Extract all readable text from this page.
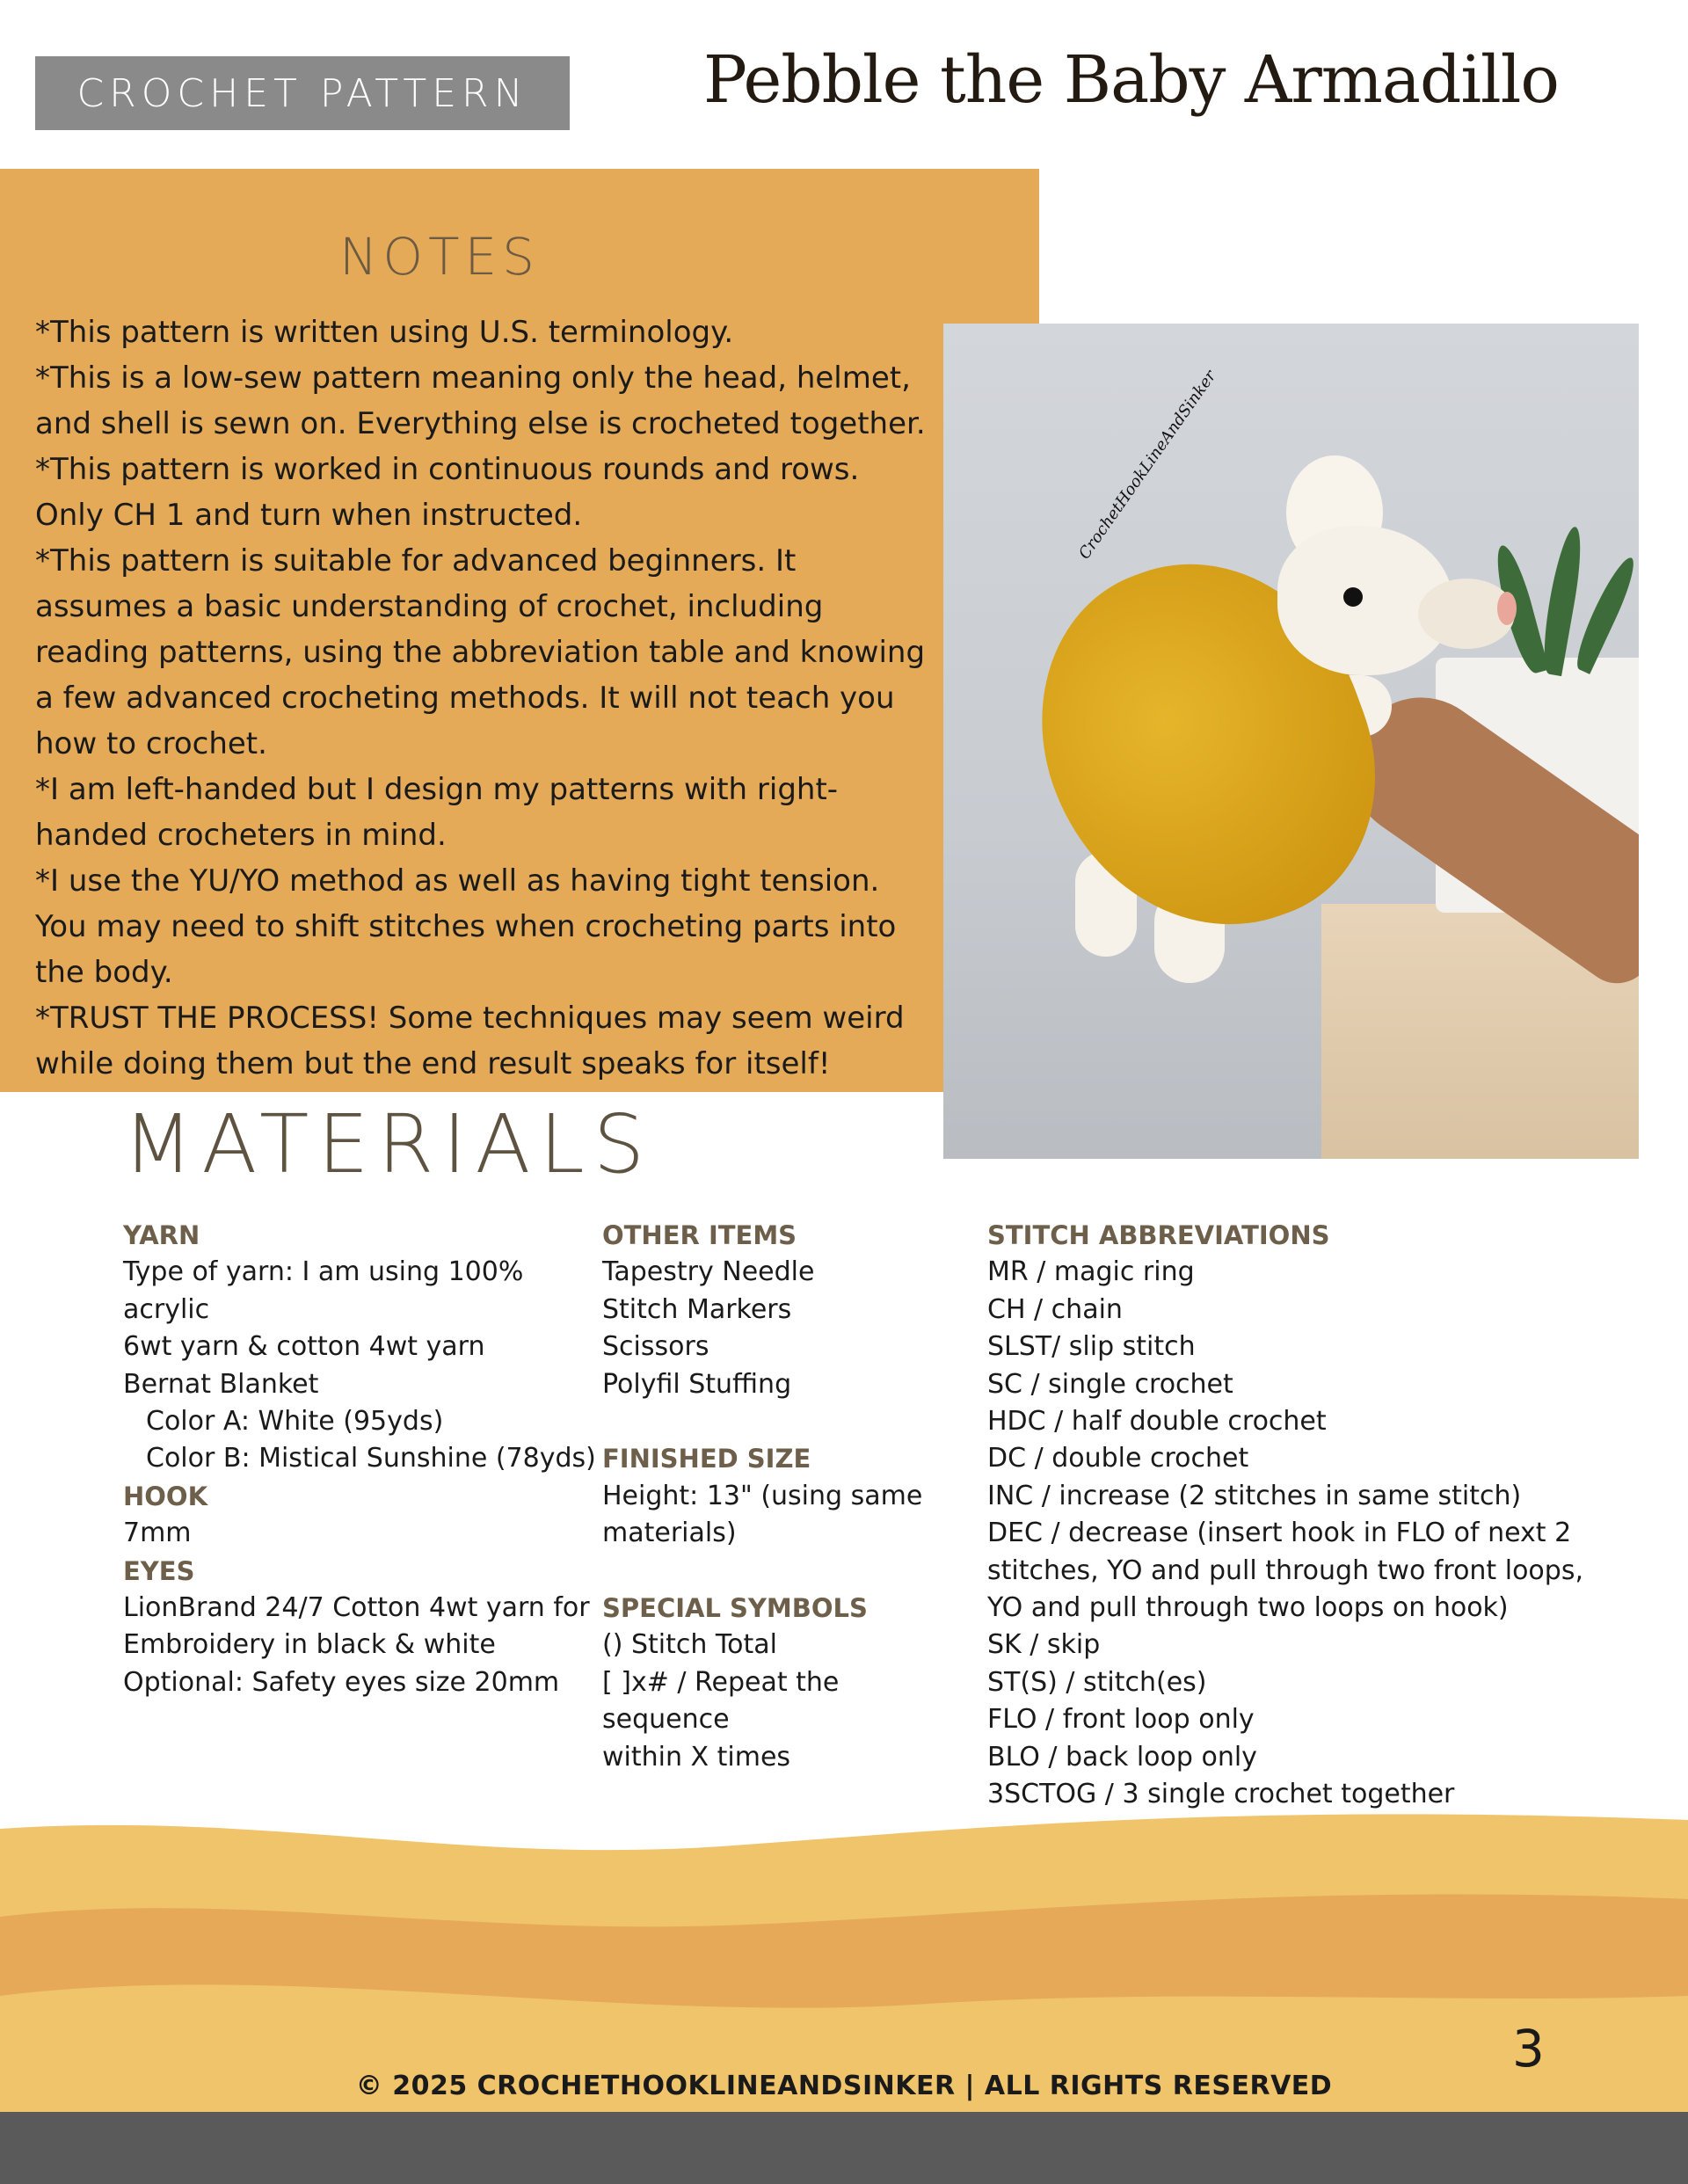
CROCHET PATTERN	Pebble the Baby Armadillo
NOTES

*This pattern is written using U.S. terminology.

*This is a low-sew pattern meaning only the head, helmet, and shell is sewn on. Everything else is crocheted together.

*This pattern is worked in continuous rounds and rows. Only CH 1 and turn when instructed.

*This pattern is suitable for advanced beginners. It assumes a basic understanding of crochet, including reading patterns, using the abbreviation table and knowing a few advanced crocheting methods. It will not teach you how to crochet.

*I am left-handed but I design my patterns with right-handed crocheters in mind.

*I use the YU/YO method as well as having tight tension. You may need to shift stitches when crocheting parts into the body.

*TRUST THE PROCESS! Some techniques may seem weird while doing them but the end result speaks for itself!

CrochetHookLineAndSinker
MATERIALS

YARN

Type of yarn: I am using 100% acrylic

6wt yarn & cotton 4wt yarn

Bernat Blanket

Color A: White (95yds)

Color B: Mistical Sunshine (78yds)

HOOK

7mm

EYES

LionBrand 24/7 Cotton 4wt yarn for

Embroidery in black & white

Optional: Safety eyes size 20mm

OTHER ITEMS

Tapestry Needle

Stitch Markers

Scissors

Polyfil Stuffing

FINISHED SIZE

Height: 13" (using same

materials)

SPECIAL SYMBOLS

() Stitch Total

[ ]x# / Repeat the sequence

within X times

STITCH ABBREVIATIONS

MR / magic ring

CH / chain

SLST/ slip stitch

SC / single crochet

HDC / half double crochet

DC / double crochet

INC / increase (2 stitches in same stitch)

DEC / decrease (insert hook in FLO of next 2

stitches, YO and pull through two front loops,

YO and pull through two loops on hook)

SK / skip

ST(S) / stitch(es)

FLO / front loop only

BLO / back loop only

3SCTOG / 3 single crochet together

3
© 2025 CROCHETHOOKLINEANDSINKER | ALL RIGHTS RESERVED
